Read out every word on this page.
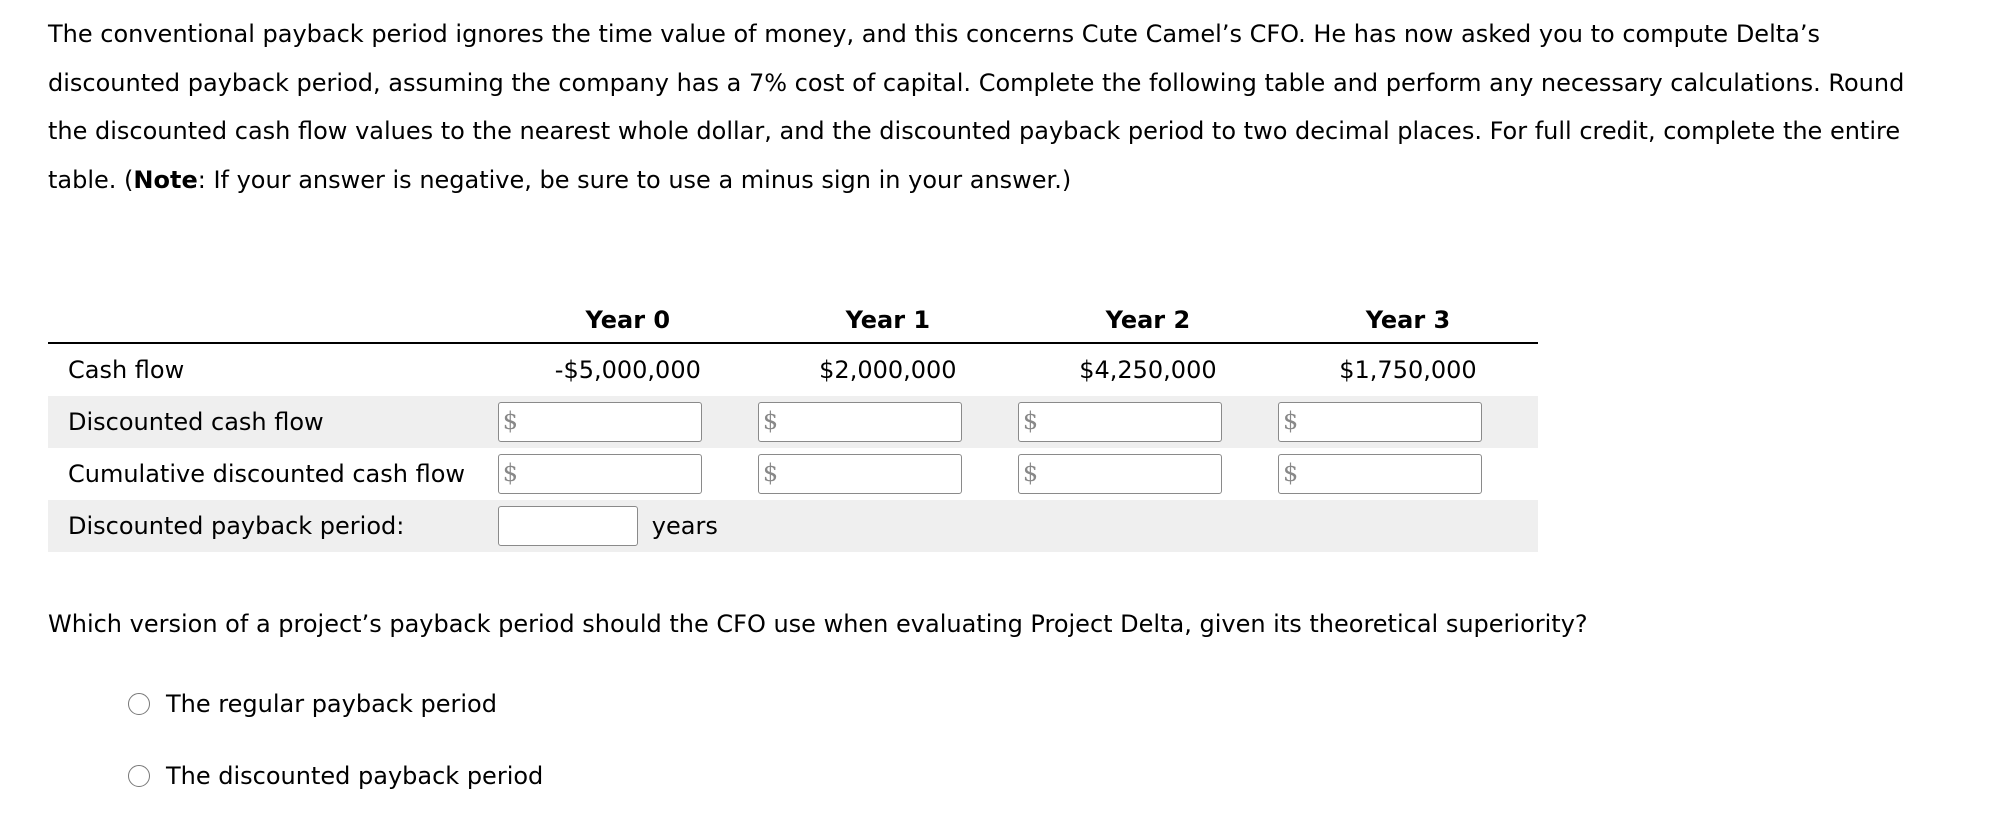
The conventional payback period ignores the time value of money, and this concerns Cute Camel’s CFO. He has now asked you to compute Delta’s discounted payback period, assuming the company has a 7% cost of capital. Complete the following table and perform any necessary calculations. Round the discounted cash flow values to the nearest whole dollar, and the discounted payback period to two decimal places. For full credit, complete the entire table. (Note: If your answer is negative, be sure to use a minus sign in your answer.)

	Year 0	Year 1	Year 2	Year 3
Cash flow	-$5,000,000	$2,000,000	$4,250,000	$1,750,000
Discounted cash flow	$	$	$	$

Cumulative discounted cash flow	$	$	$	$

Discounted payback period:	years			

Which version of a project’s payback period should the CFO use when evaluating Project Delta, given its theoretical superiority?

The regular payback period
The discounted payback period
